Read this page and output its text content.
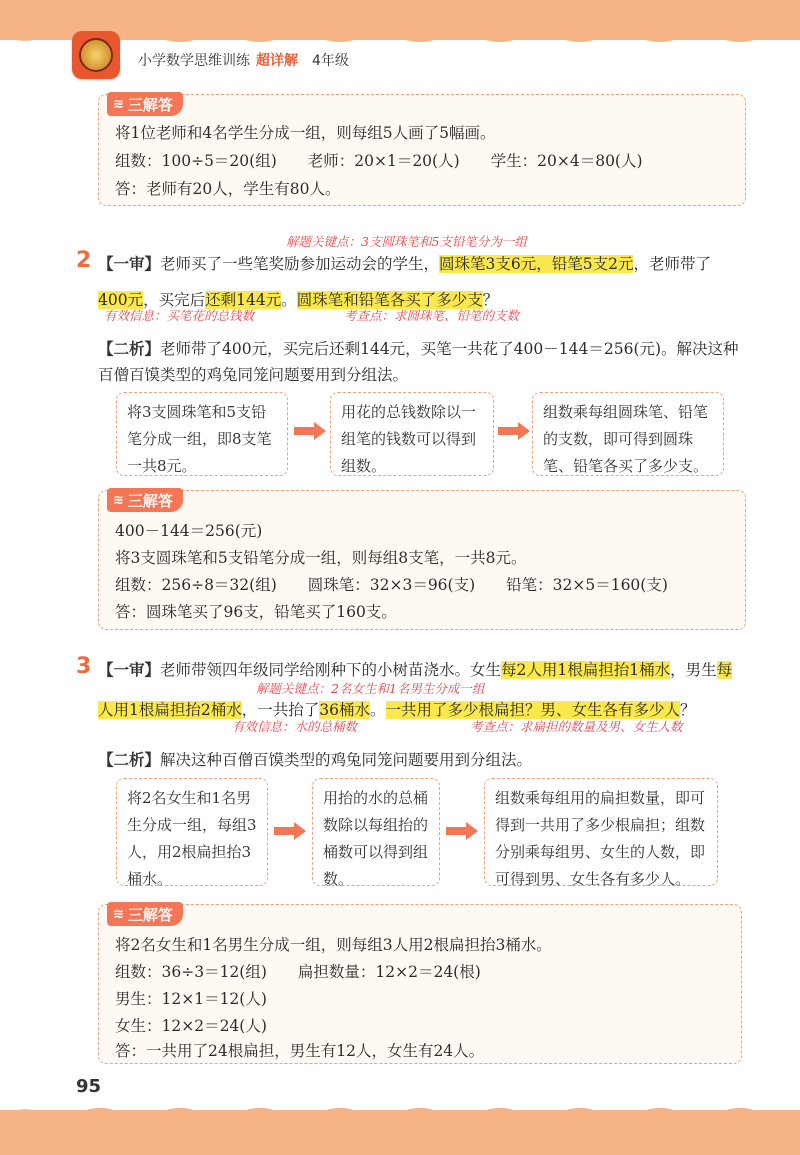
小学数学思维训练 超详解 4年级
≋ 三解答
将1位老师和4名学生分成一组，则每组5人画了5幅画。
组数：100÷5＝20(组)　　老师：20×1＝20(人)　　学生：20×4＝80(人)
答：老师有20人，学生有80人。
解题关键点：3支圆珠笔和5支铅笔分为一组
2 【一审】老师买了一些笔奖励参加运动会的学生，圆珠笔3支6元，铅笔5支2元，老师带了
400元，买完后还剩144元。圆珠笔和铅笔各买了多少支？
有效信息：买笔花的总钱数	考查点：求圆珠笔、铅笔的支数
【二析】老师带了400元，买完后还剩144元，买笔一共花了400－144＝256(元)。解决这种
百僧百馍类型的鸡兔同笼问题要用到分组法。
将3支圆珠笔和5支铅笔分成一组，即8支笔一共8元。
用花的总钱数除以一组笔的钱数可以得到组数。
组数乘每组圆珠笔、铅笔的支数，即可得到圆珠笔、铅笔各买了多少支。
≋ 三解答
400－144＝256(元)
将3支圆珠笔和5支铅笔分成一组，则每组8支笔，一共8元。
组数：256÷8＝32(组)　　圆珠笔：32×3＝96(支)　　铅笔：32×5＝160(支)
答：圆珠笔买了96支，铅笔买了160支。
3 【一审】老师带领四年级同学给刚种下的小树苗浇水。女生每2人用1根扁担抬1桶水，男生每
解题关键点：2名女生和1名男生分成一组
人用1根扁担抬2桶水，一共抬了36桶水。一共用了多少根扁担？男、女生各有多少人？
有效信息：水的总桶数	考查点：求扁担的数量及男、女生人数
【二析】解决这种百僧百馍类型的鸡兔同笼问题要用到分组法。
将2名女生和1名男生分成一组，每组3人，用2根扁担抬3桶水。
用抬的水的总桶数除以每组抬的桶数可以得到组数。
组数乘每组用的扁担数量，即可得到一共用了多少根扁担；组数分别乘每组男、女生的人数，即可得到男、女生各有多少人。
≋ 三解答
将2名女生和1名男生分成一组，则每组3人用2根扁担抬3桶水。
组数：36÷3＝12(组)　　扁担数量：12×2＝24(根)
男生：12×1＝12(人)
女生：12×2＝24(人)
答：一共用了24根扁担，男生有12人，女生有24人。
95
